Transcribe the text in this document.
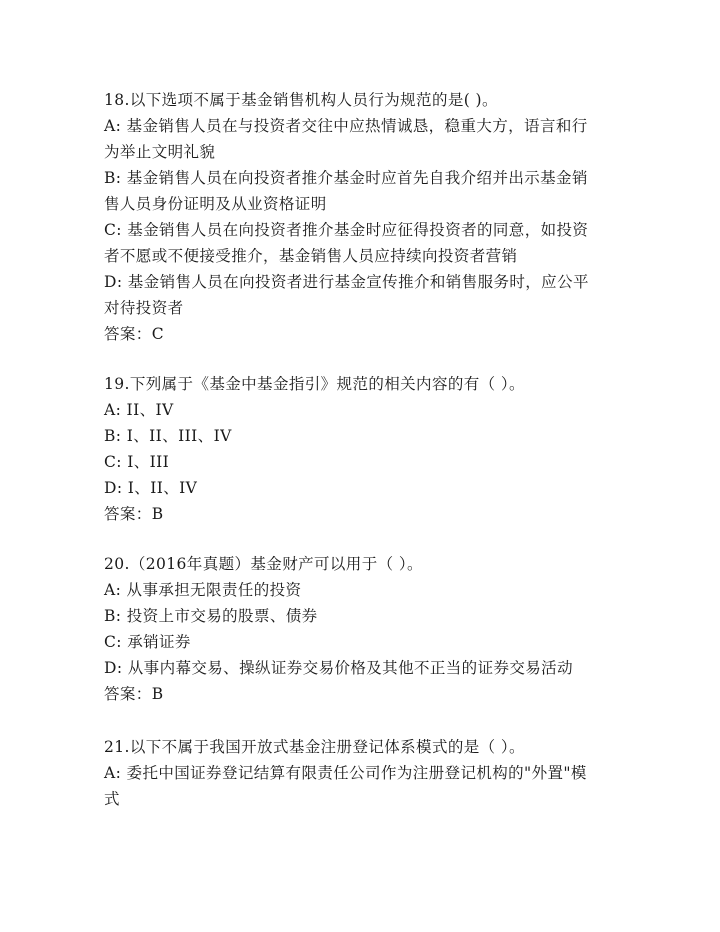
18.以下选项不属于基金销售机构人员行为规范的是( )。
A: 基金销售人员在与投资者交往中应热情诚恳，稳重大方，语言和行
为举止文明礼貌
B: 基金销售人员在向投资者推介基金时应首先自我介绍并出示基金销
售人员身份证明及从业资格证明
C: 基金销售人员在向投资者推介基金时应征得投资者的同意，如投资
者不愿或不便接受推介，基金销售人员应持续向投资者营销
D: 基金销售人员在向投资者进行基金宣传推介和销售服务时，应公平
对待投资者
答案：C
19.下列属于《基金中基金指引》规范的相关内容的有（ ）。
A: II、IV
B: I、II、III、IV
C: I、III
D: I、II、IV
答案：B
20.（2016年真题）基金财产可以用于（ ）。
A: 从事承担无限责任的投资
B: 投资上市交易的股票、债券
C: 承销证券
D: 从事内幕交易、操纵证券交易价格及其他不正当的证券交易活动
答案：B
21.以下不属于我国开放式基金注册登记体系模式的是（ ）。
A: 委托中国证券登记结算有限责任公司作为注册登记机构的"外置"模
式
